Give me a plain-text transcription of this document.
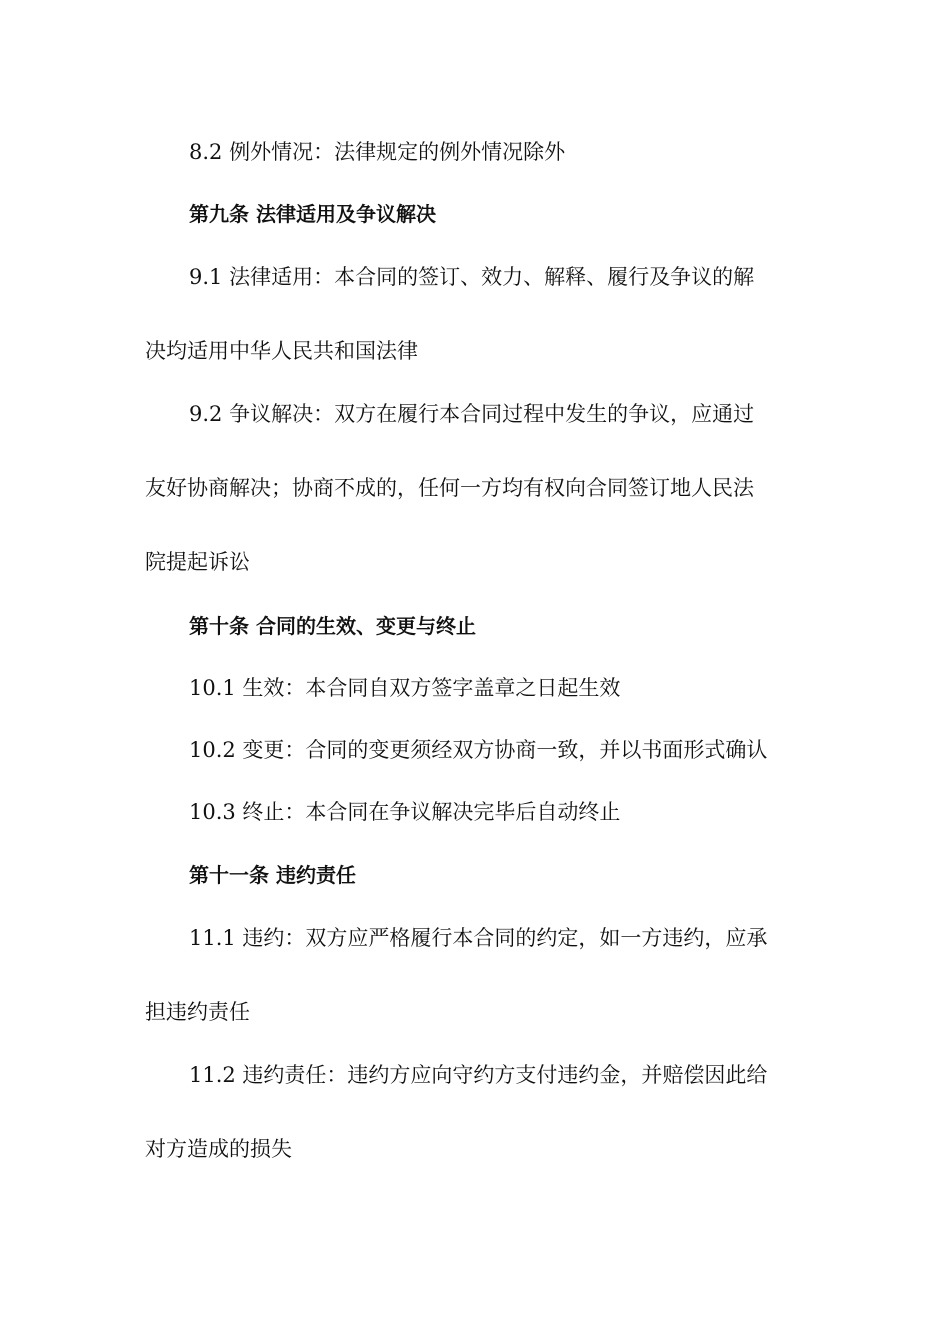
8.2 例外情况：法律规定的例外情况除外
第九条 法律适用及争议解决
9.1 法律适用：本合同的签订、效力、解释、履行及争议的解
决均适用中华人民共和国法律
9.2 争议解决：双方在履行本合同过程中发生的争议，应通过
友好协商解决；协商不成的，任何一方均有权向合同签订地人民法
院提起诉讼
第十条 合同的生效、变更与终止
10.1 生效：本合同自双方签字盖章之日起生效
10.2 变更：合同的变更须经双方协商一致，并以书面形式确认
10.3 终止：本合同在争议解决完毕后自动终止
第十一条 违约责任
11.1 违约：双方应严格履行本合同的约定，如一方违约，应承
担违约责任
11.2 违约责任：违约方应向守约方支付违约金，并赔偿因此给
对方造成的损失
